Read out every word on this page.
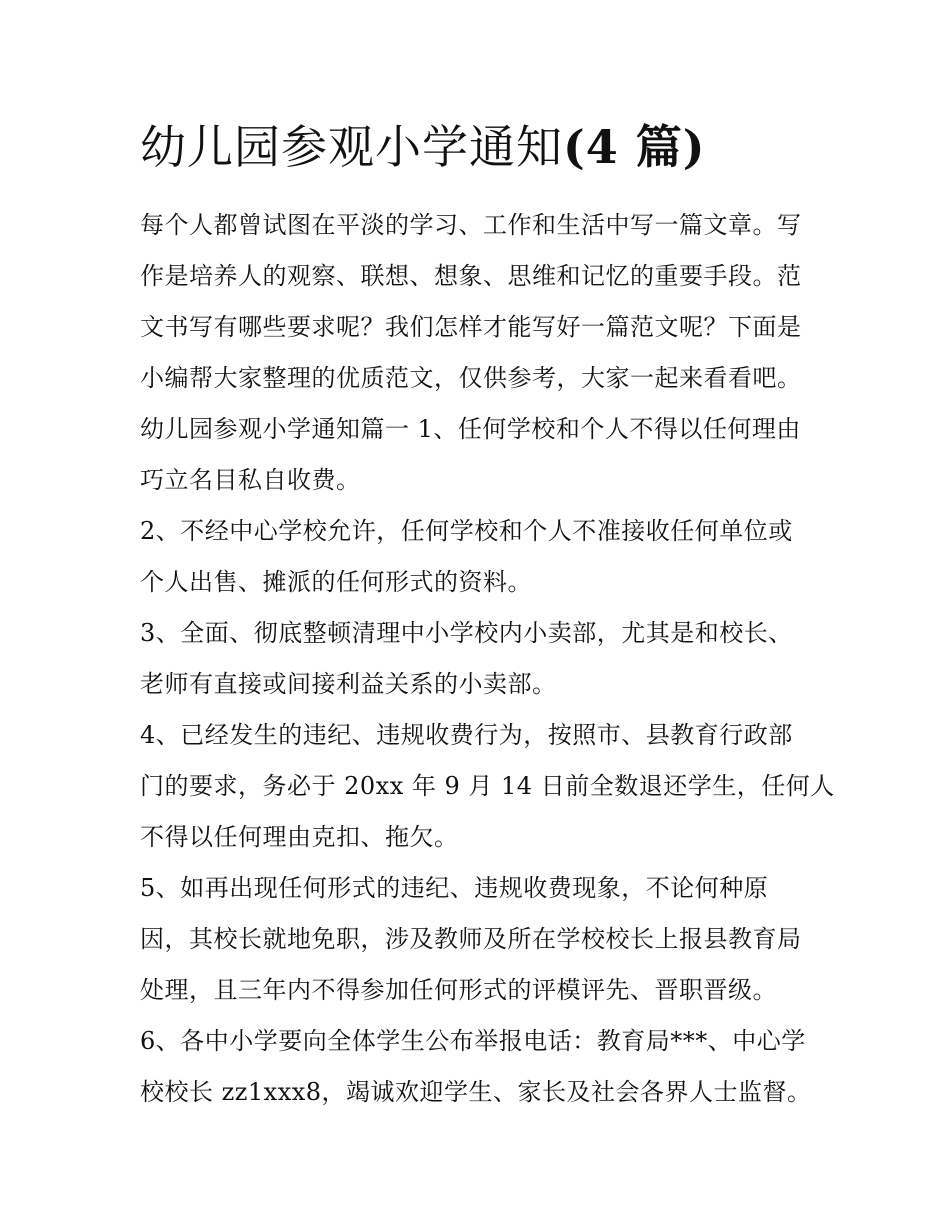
幼儿园参观小学通知(4 篇)
每个人都曾试图在平淡的学习、工作和生活中写一篇文章。写
作是培养人的观察、联想、想象、思维和记忆的重要手段。范
文书写有哪些要求呢？我们怎样才能写好一篇范文呢？下面是
小编帮大家整理的优质范文，仅供参考，大家一起来看看吧。
幼儿园参观小学通知篇一 1、任何学校和个人不得以任何理由
巧立名目私自收费。
2、不经中心学校允许，任何学校和个人不准接收任何单位或
个人出售、摊派的任何形式的资料。
3、全面、彻底整顿清理中小学校内小卖部，尤其是和校长、
老师有直接或间接利益关系的小卖部。
4、已经发生的违纪、违规收费行为，按照市、县教育行政部
门的要求，务必于 20xx 年 9 月 14 日前全数退还学生，任何人
不得以任何理由克扣、拖欠。
5、如再出现任何形式的违纪、违规收费现象，不论何种原
因，其校长就地免职，涉及教师及所在学校校长上报县教育局
处理，且三年内不得参加任何形式的评模评先、晋职晋级。
6、各中小学要向全体学生公布举报电话：教育局***、中心学
校校长 zz1xxx8，竭诚欢迎学生、家长及社会各界人士监督。
